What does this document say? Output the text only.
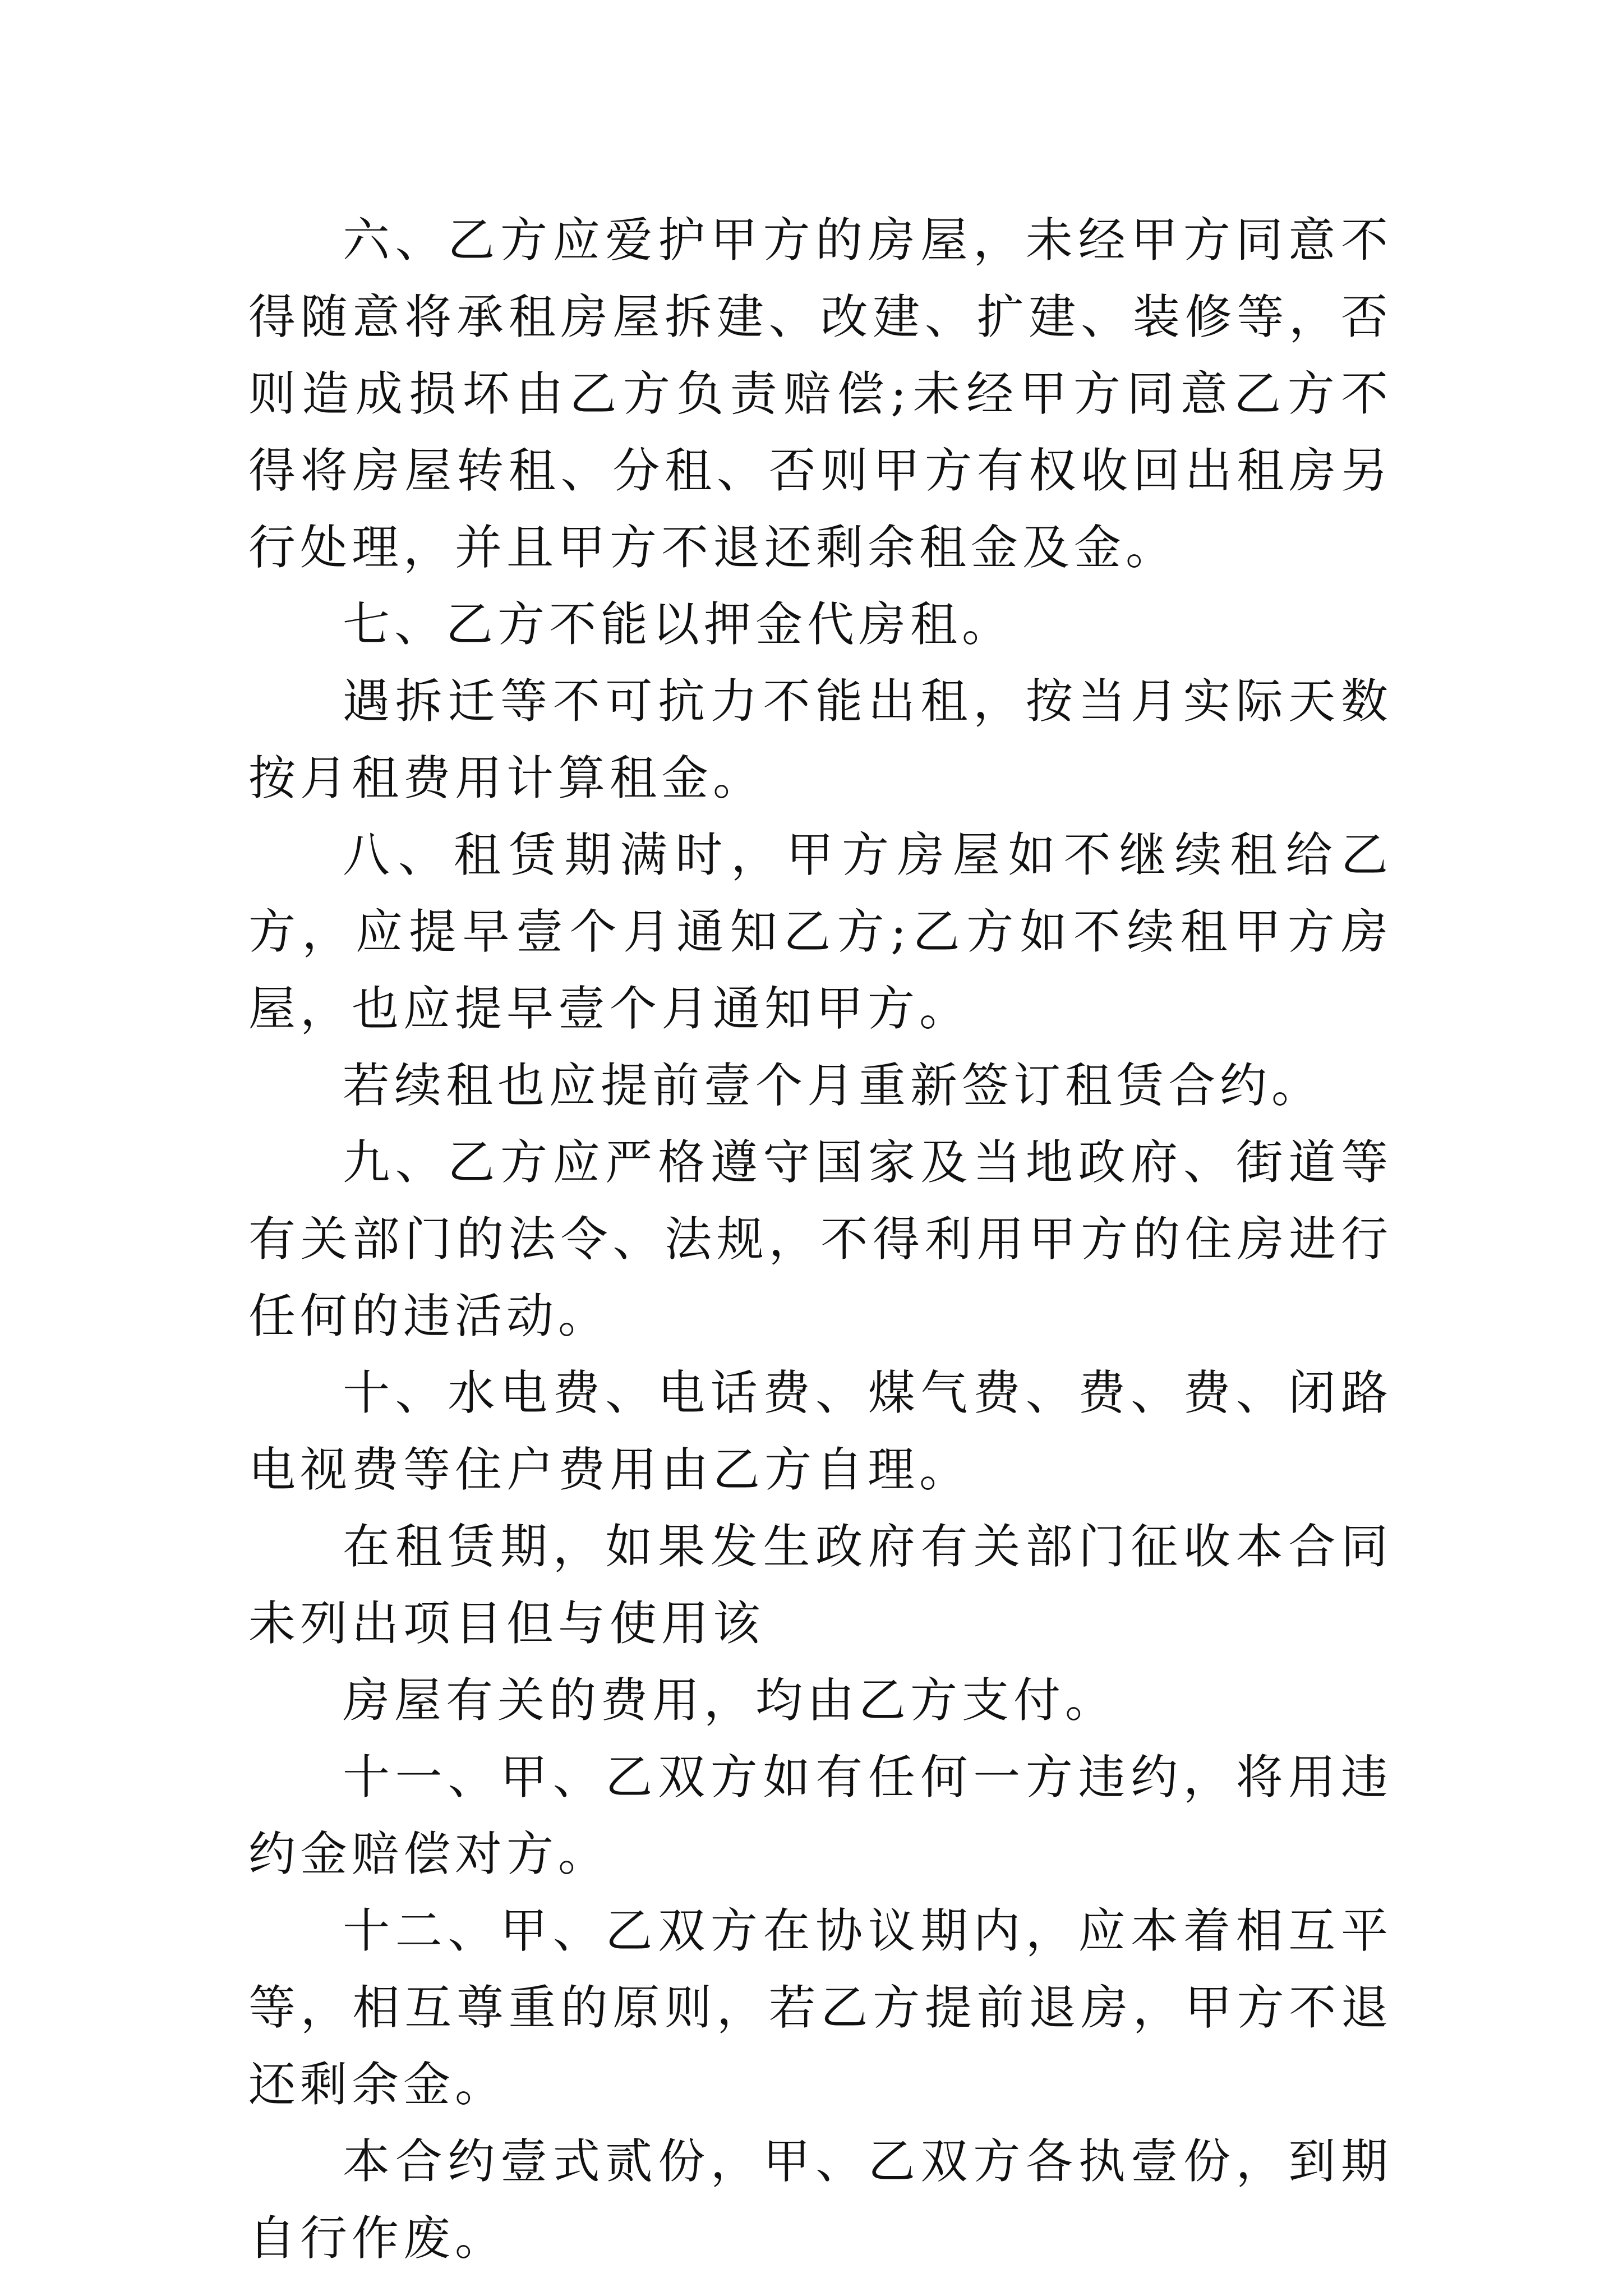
六、乙方应爱护甲方的房屋，未经甲方同意不得随意将承租房屋拆建、改建、扩建、装修等，否则造成损坏由乙方负责赔偿;未经甲方同意乙方不得将房屋转租、分租、否则甲方有权收回出租房另行处理，并且甲方不退还剩余租金及金。

七、乙方不能以押金代房租。

遇拆迁等不可抗力不能出租，按当月实际天数按月租费用计算租金。

八、租赁期满时，甲方房屋如不继续租给乙方，应提早壹个月通知乙方;乙方如不续租甲方房屋，也应提早壹个月通知甲方。

若续租也应提前壹个月重新签订租赁合约。

九、乙方应严格遵守国家及当地政府、街道等有关部门的法令、法规，不得利用甲方的住房进行任何的违活动。

十、水电费、电话费、煤气费、费、费、闭路电视费等住户费用由乙方自理。

在租赁期，如果发生政府有关部门征收本合同未列出项目但与使用该

房屋有关的费用，均由乙方支付。

十一、甲、乙双方如有任何一方违约，将用违约金赔偿对方。

十二、甲、乙双方在协议期内，应本着相互平等，相互尊重的原则，若乙方提前退房，甲方不退还剩余金。

本合约壹式贰份，甲、乙双方各执壹份，到期自行作废。
